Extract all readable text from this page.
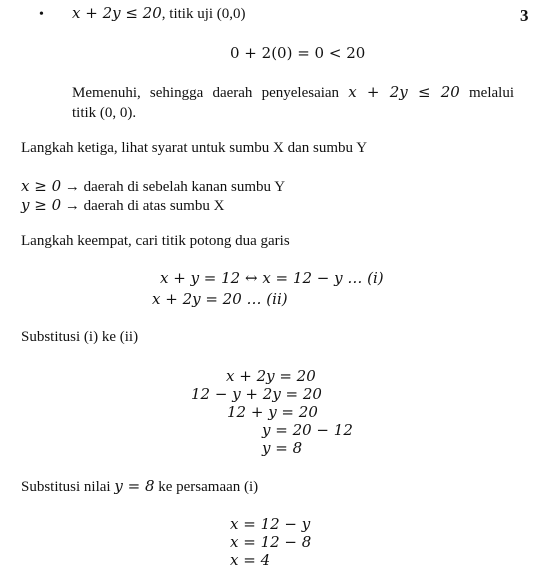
3
• x + 2y ≤ 20, titik uji (0,0)
0 + 2(0) = 0 < 20
Memenuhi, sehingga daerah penyelesaian x + 2y ≤ 20 melalui
titik (0, 0).
Langkah ketiga, lihat syarat untuk sumbu X dan sumbu Y
x ≥ 0 → daerah di sebelah kanan sumbu Y
y ≥ 0 → daerah di atas sumbu X
Langkah keempat, cari titik potong dua garis
x + y = 12 ↔ x = 12 − y … (i)
x + 2y = 20 … (ii)
Substitusi (i) ke (ii)
x + 2y = 20
12 − y + 2y = 20
12 + y = 20
y = 20 − 12
y = 8
Substitusi nilai y = 8 ke persamaan (i)
x = 12 − y
x = 12 − 8
x = 4
